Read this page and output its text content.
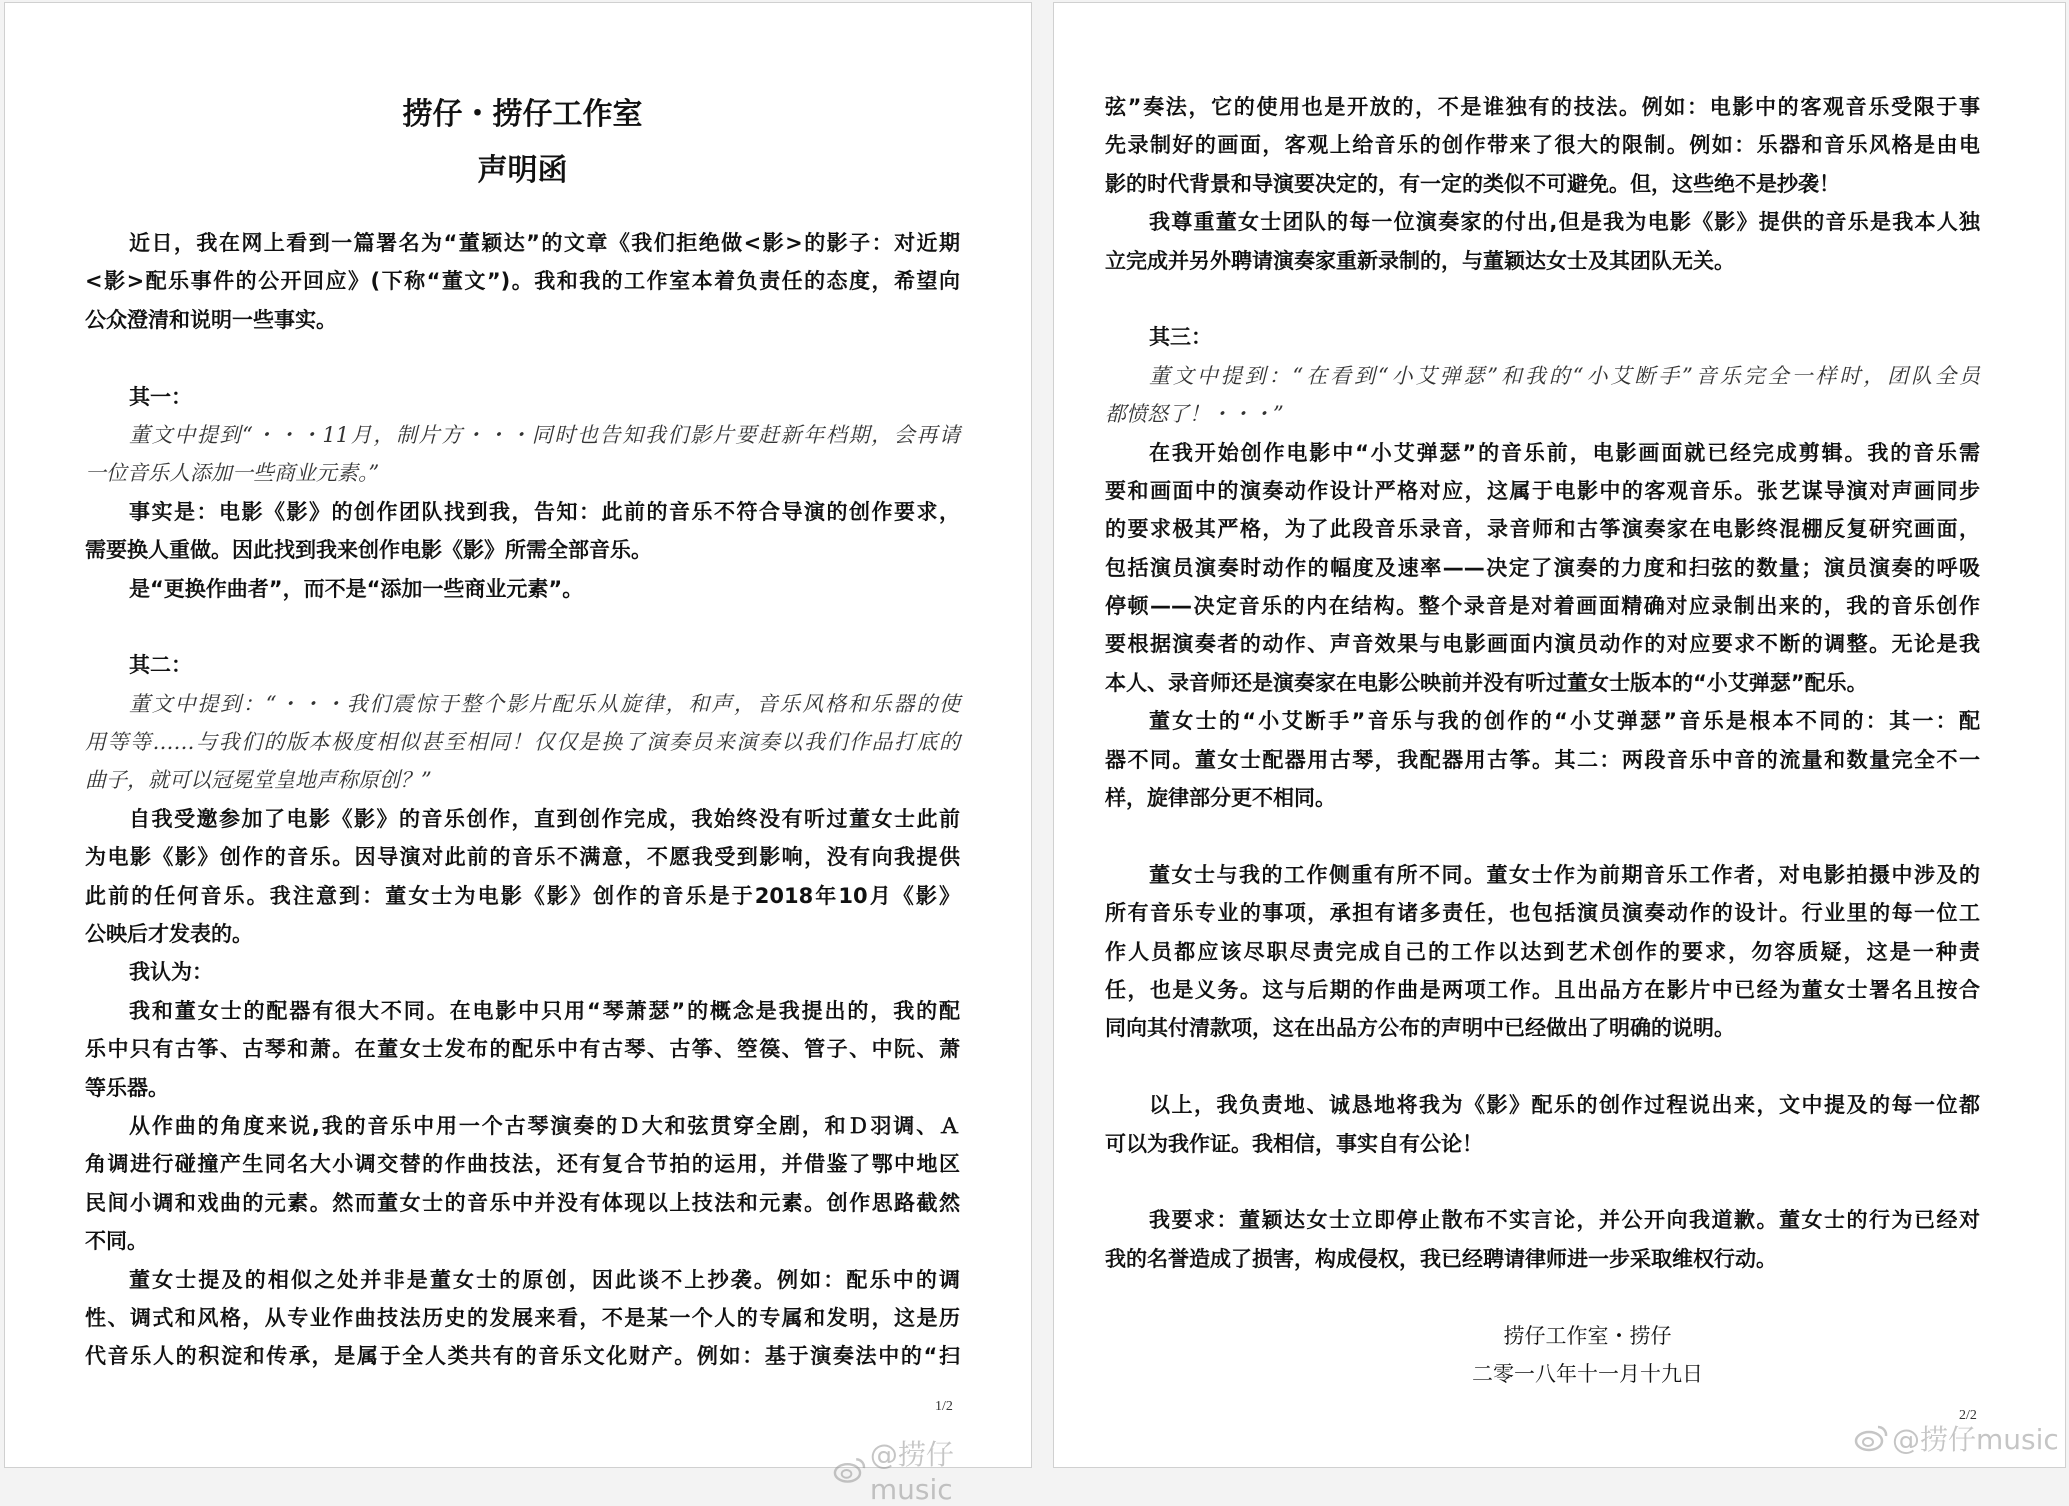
捞仔・捞仔工作室
声明函
近日，我在网上看到一篇署名为“董颖达”的文章《我们拒绝做<影>的影子：对近期
<影>配乐事件的公开回应》(下称“董文”)。我和我的工作室本着负责任的态度，希望向
公众澄清和说明一些事实。
其一：
董文中提到“・・・11月，制片方・・・同时也告知我们影片要赶新年档期，会再请
一位音乐人添加一些商业元素。”
事实是：电影《影》的创作团队找到我，告知：此前的音乐不符合导演的创作要求，
需要换人重做。因此找到我来创作电影《影》所需全部音乐。
是“更换作曲者”，而不是“添加一些商业元素”。
其二：
董文中提到：“・・・我们震惊于整个影片配乐从旋律，和声，音乐风格和乐器的使
用等等……与我们的版本极度相似甚至相同！仅仅是换了演奏员来演奏以我们作品打底的
曲子，就可以冠冕堂皇地声称原创？”
自我受邀参加了电影《影》的音乐创作，直到创作完成，我始终没有听过董女士此前
为电影《影》创作的音乐。因导演对此前的音乐不满意，不愿我受到影响，没有向我提供
此前的任何音乐。我注意到：董女士为电影《影》创作的音乐是于2018年10月《影》
公映后才发表的。
我认为：
我和董女士的配器有很大不同。在电影中只用“琴萧瑟”的概念是我提出的，我的配
乐中只有古筝、古琴和萧。在董女士发布的配乐中有古琴、古筝、箜篌、管子、中阮、萧
等乐器。
从作曲的角度来说,我的音乐中用一个古琴演奏的Ｄ大和弦贯穿全剧，和Ｄ羽调、Ａ
角调进行碰撞产生同名大小调交替的作曲技法，还有复合节拍的运用，并借鉴了鄂中地区
民间小调和戏曲的元素。然而董女士的音乐中并没有体现以上技法和元素。创作思路截然
不同。
董女士提及的相似之处并非是董女士的原创，因此谈不上抄袭。例如：配乐中的调
性、调式和风格，从专业作曲技法历史的发展来看，不是某一个人的专属和发明，这是历
代音乐人的积淀和传承，是属于全人类共有的音乐文化财产。例如：基于演奏法中的“扫
1/2
@捞仔music
弦”奏法，它的使用也是开放的，不是谁独有的技法。例如：电影中的客观音乐受限于事
先录制好的画面，客观上给音乐的创作带来了很大的限制。例如：乐器和音乐风格是由电
影的时代背景和导演要决定的，有一定的类似不可避免。但，这些绝不是抄袭！
我尊重董女士团队的每一位演奏家的付出,但是我为电影《影》提供的音乐是我本人独
立完成并另外聘请演奏家重新录制的，与董颖达女士及其团队无关。
其三：
董文中提到：“在看到“小艾弹瑟”和我的“小艾断手”音乐完全一样时，团队全员
都愤怒了！・・・”
在我开始创作电影中“小艾弹瑟”的音乐前，电影画面就已经完成剪辑。我的音乐需
要和画面中的演奏动作设计严格对应，这属于电影中的客观音乐。张艺谋导演对声画同步
的要求极其严格，为了此段音乐录音，录音师和古筝演奏家在电影终混棚反复研究画面，
包括演员演奏时动作的幅度及速率——决定了演奏的力度和扫弦的数量；演员演奏的呼吸
停顿——决定音乐的内在结构。整个录音是对着画面精确对应录制出来的，我的音乐创作
要根据演奏者的动作、声音效果与电影画面内演员动作的对应要求不断的调整。无论是我
本人、录音师还是演奏家在电影公映前并没有听过董女士版本的“小艾弹瑟”配乐。
董女士的“小艾断手”音乐与我的创作的“小艾弹瑟”音乐是根本不同的：其一：配
器不同。董女士配器用古琴，我配器用古筝。其二：两段音乐中音的流量和数量完全不一
样，旋律部分更不相同。
董女士与我的工作侧重有所不同。董女士作为前期音乐工作者，对电影拍摄中涉及的
所有音乐专业的事项，承担有诸多责任，也包括演员演奏动作的设计。行业里的每一位工
作人员都应该尽职尽责完成自己的工作以达到艺术创作的要求，勿容质疑，这是一种责
任，也是义务。这与后期的作曲是两项工作。且出品方在影片中已经为董女士署名且按合
同向其付清款项，这在出品方公布的声明中已经做出了明确的说明。
以上，我负责地、诚恳地将我为《影》配乐的创作过程说出来，文中提及的每一位都
可以为我作证。我相信，事实自有公论！
我要求：董颖达女士立即停止散布不实言论，并公开向我道歉。董女士的行为已经对
我的名誉造成了损害，构成侵权，我已经聘请律师进一步采取维权行动。
捞仔工作室・捞仔
二零一八年十一月十九日
2/2
@捞仔music
